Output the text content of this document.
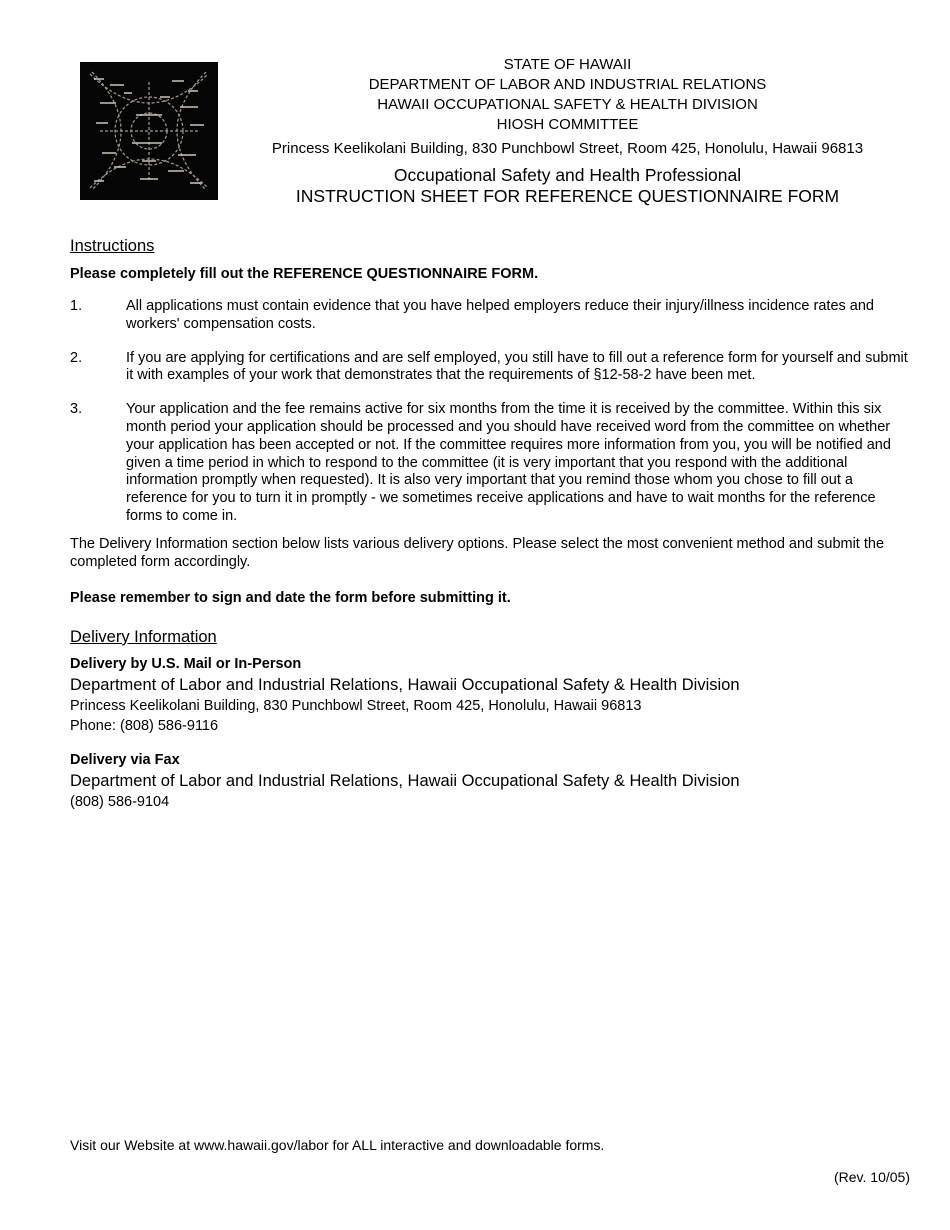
STATE OF HAWAII
DEPARTMENT OF LABOR AND INDUSTRIAL RELATIONS
HAWAII OCCUPATIONAL SAFETY & HEALTH DIVISION
HIOSH COMMITTEE
Princess Keelikolani Building, 830 Punchbowl Street, Room 425, Honolulu, Hawaii 96813
Occupational Safety and Health Professional
INSTRUCTION SHEET FOR REFERENCE QUESTIONNAIRE FORM
Instructions
Please completely fill out the REFERENCE QUESTIONNAIRE FORM.
1.	All applications must contain evidence that you have helped employers reduce their injury/illness incidence rates and workers' compensation costs.
2.	If you are applying for certifications and are self employed, you still have to fill out a reference form for yourself and submit it with examples of your work that demonstrates that the requirements of §12-58-2 have been met.
3.	Your application and the fee remains active for six months from the time it is received by the committee. Within this six month period your application should be processed and you should have received word from the committee on whether your application has been accepted or not. If the committee requires more information from you, you will be notified and given a time period in which to respond to the committee (it is very important that you respond with the additional information promptly when requested). It is also very important that you remind those whom you chose to fill out a reference for you to turn it in promptly - we sometimes receive applications and have to wait months for the reference forms to come in.
The Delivery Information section below lists various delivery options. Please select the most convenient method and submit the completed form accordingly.
Please remember to sign and date the form before submitting it.
Delivery Information
Delivery by U.S. Mail or In-Person
Department of Labor and Industrial Relations, Hawaii Occupational Safety & Health Division
Princess Keelikolani Building, 830 Punchbowl Street, Room 425, Honolulu, Hawaii 96813
Phone: (808) 586-9116
Delivery via Fax
Department of Labor and Industrial Relations, Hawaii Occupational Safety & Health Division
(808) 586-9104
Visit our Website at www.hawaii.gov/labor for ALL interactive and downloadable forms.
(Rev. 10/05)
